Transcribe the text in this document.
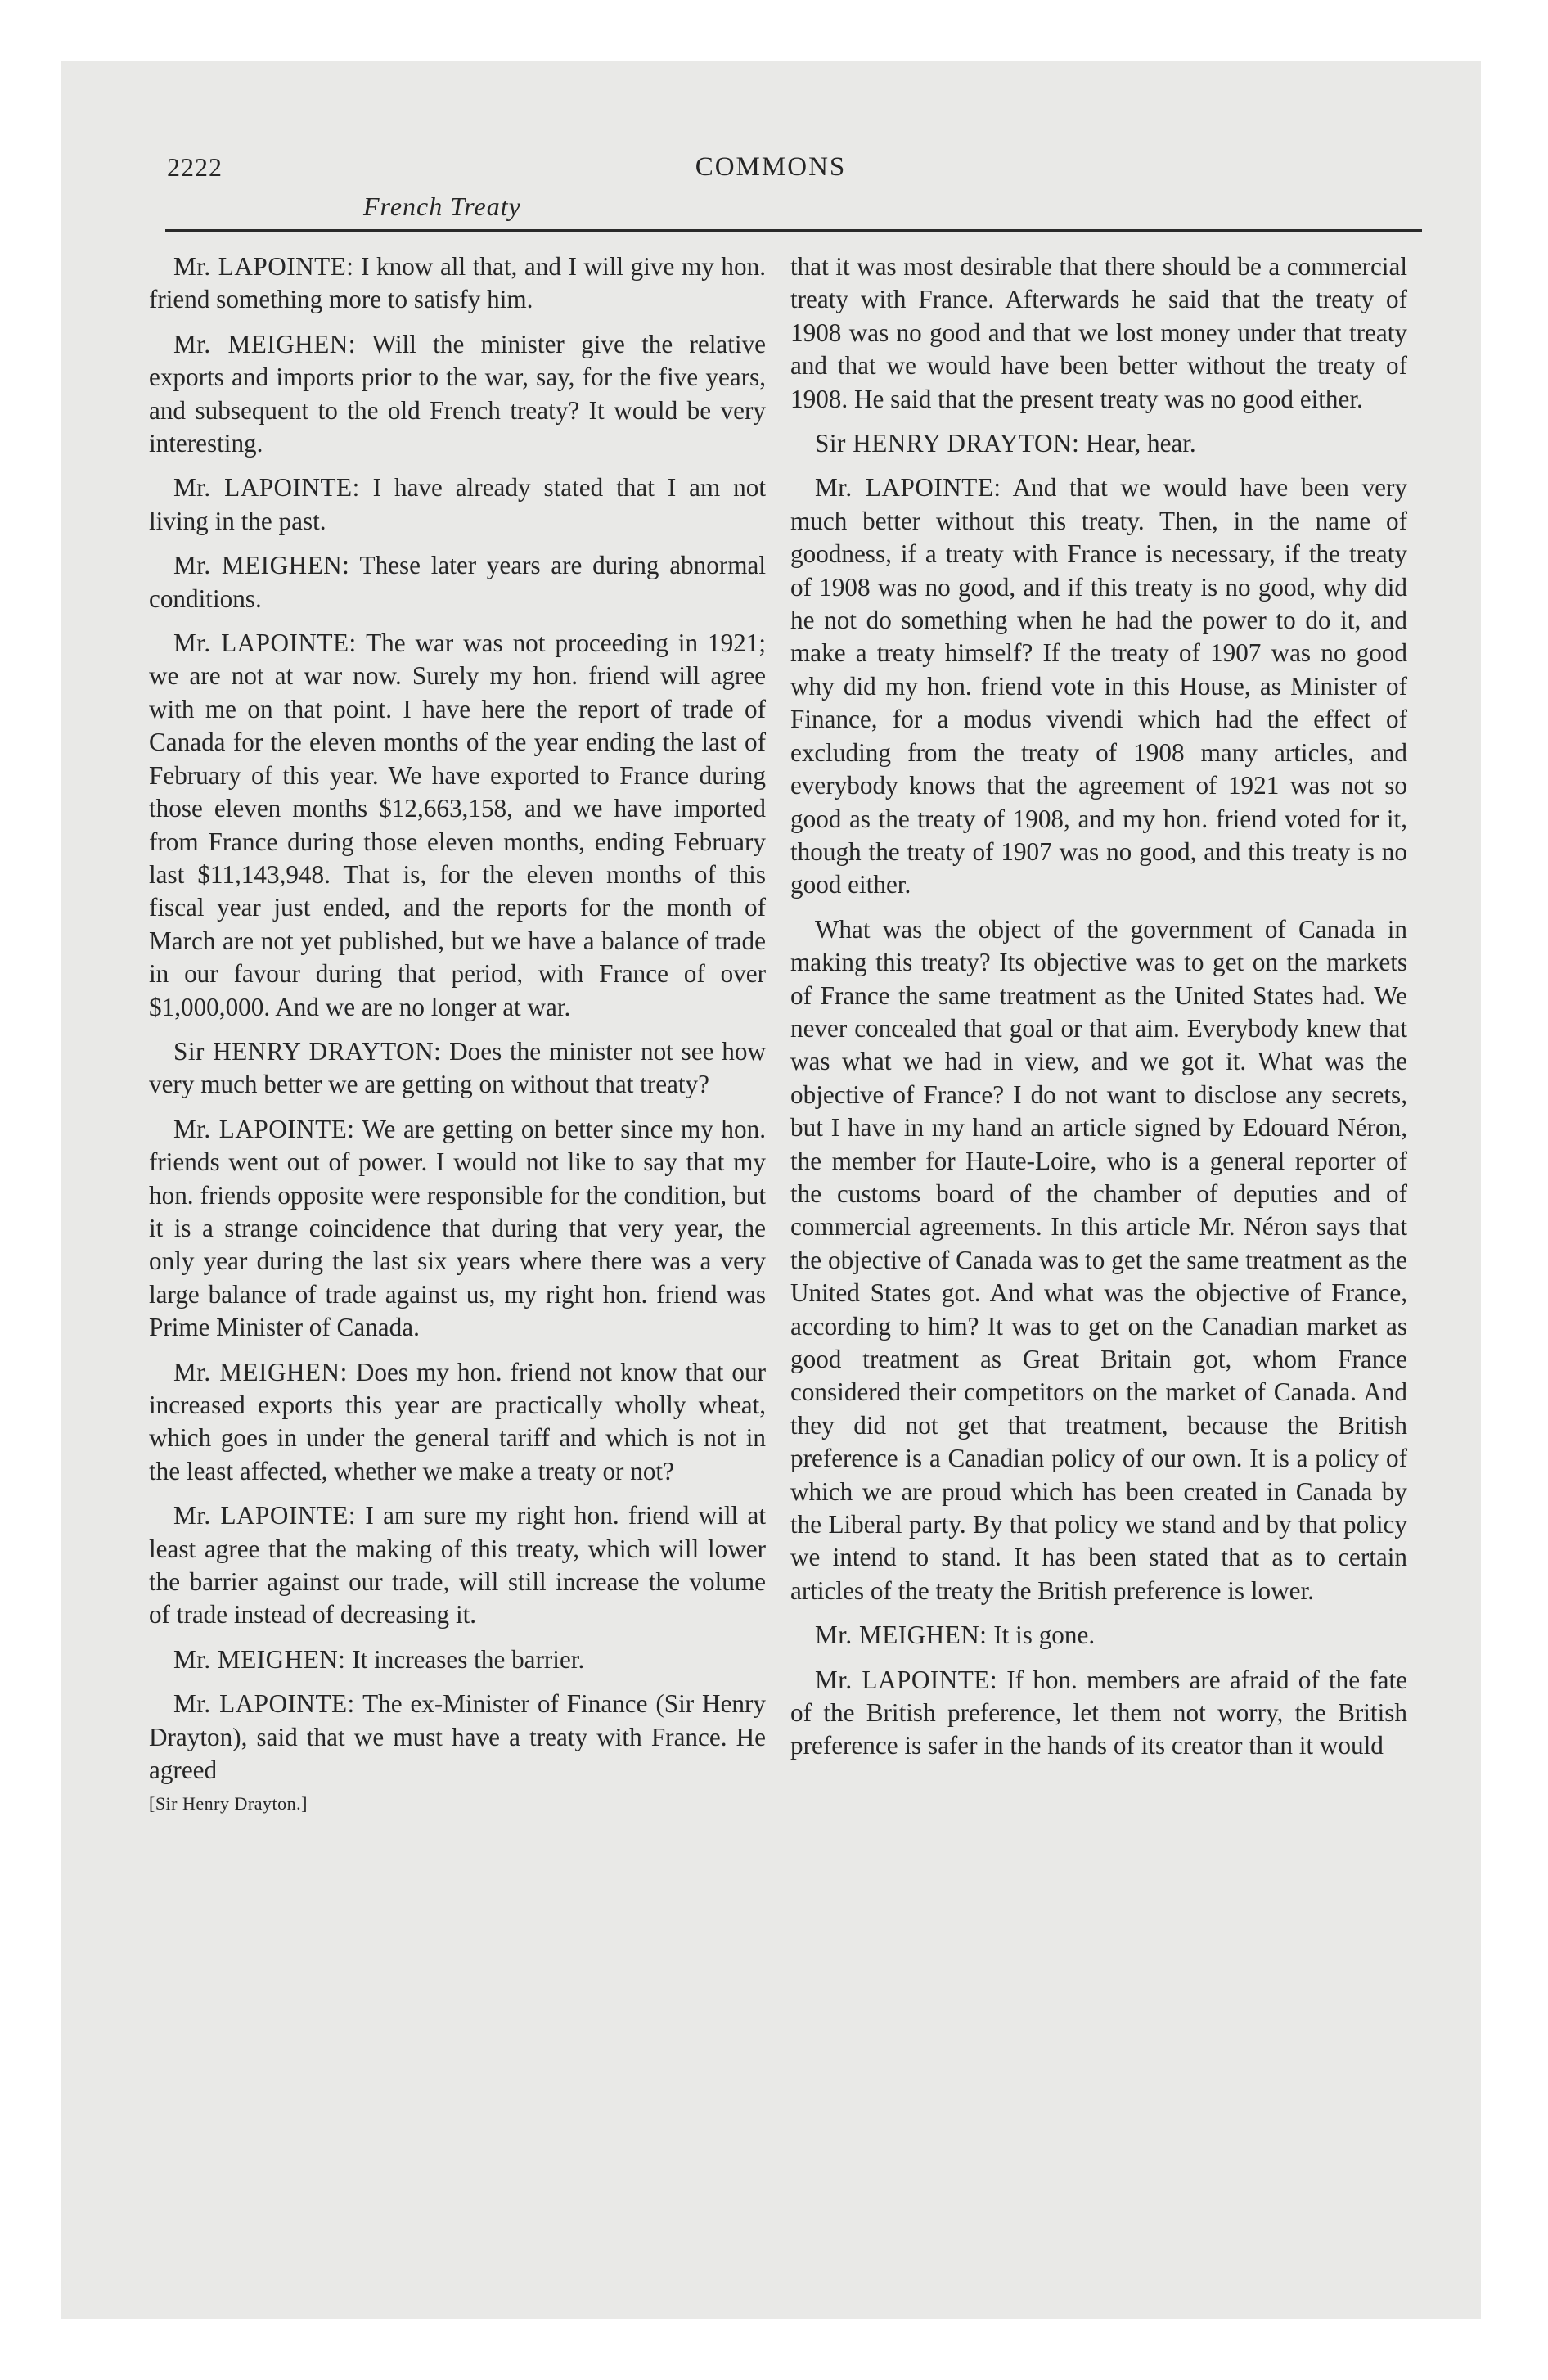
2222	COMMONS
French Treaty

Mr. LAPOINTE: I know all that, and I will give my hon. friend something more to satisfy him.

Mr. MEIGHEN: Will the minister give the relative exports and imports prior to the war, say, for the five years, and subsequent to the old French treaty? It would be very interesting.

Mr. LAPOINTE: I have already stated that I am not living in the past.

Mr. MEIGHEN: These later years are during abnormal conditions.

Mr. LAPOINTE: The war was not proceeding in 1921; we are not at war now. Surely my hon. friend will agree with me on that point. I have here the report of trade of Canada for the eleven months of the year ending the last of February of this year. We have exported to France during those eleven months $12,663,158, and we have imported from France during those eleven months, ending February last $11,143,948. That is, for the eleven months of this fiscal year just ended, and the reports for the month of March are not yet published, but we have a balance of trade in our favour during that period, with France of over $1,000,000. And we are no longer at war.

Sir HENRY DRAYTON: Does the minister not see how very much better we are getting on without that treaty?

Mr. LAPOINTE: We are getting on better since my hon. friends went out of power. I would not like to say that my hon. friends opposite were responsible for the condition, but it is a strange coincidence that during that very year, the only year during the last six years where there was a very large balance of trade against us, my right hon. friend was Prime Minister of Canada.

Mr. MEIGHEN: Does my hon. friend not know that our increased exports this year are practically wholly wheat, which goes in under the general tariff and which is not in the least affected, whether we make a treaty or not?

Mr. LAPOINTE: I am sure my right hon. friend will at least agree that the making of this treaty, which will lower the barrier against our trade, will still increase the volume of trade instead of decreasing it.

Mr. MEIGHEN: It increases the barrier.

Mr. LAPOINTE: The ex-Minister of Finance (Sir Henry Drayton), said that we must have a treaty with France. He agreed

[Sir Henry Drayton.]

that it was most desirable that there should be a commercial treaty with France. Afterwards he said that the treaty of 1908 was no good and that we lost money under that treaty and that we would have been better without the treaty of 1908. He said that the present treaty was no good either.

Sir HENRY DRAYTON: Hear, hear.

Mr. LAPOINTE: And that we would have been very much better without this treaty. Then, in the name of goodness, if a treaty with France is necessary, if the treaty of 1908 was no good, and if this treaty is no good, why did he not do something when he had the power to do it, and make a treaty himself? If the treaty of 1907 was no good why did my hon. friend vote in this House, as Minister of Finance, for a modus vivendi which had the effect of excluding from the treaty of 1908 many articles, and everybody knows that the agreement of 1921 was not so good as the treaty of 1908, and my hon. friend voted for it, though the treaty of 1907 was no good, and this treaty is no good either.

What was the object of the government of Canada in making this treaty? Its objective was to get on the markets of France the same treatment as the United States had. We never concealed that goal or that aim. Everybody knew that was what we had in view, and we got it. What was the objective of France? I do not want to disclose any secrets, but I have in my hand an article signed by Edouard Néron, the member for Haute-Loire, who is a general reporter of the customs board of the chamber of deputies and of commercial agreements. In this article Mr. Néron says that the objective of Canada was to get the same treatment as the United States got. And what was the objective of France, according to him? It was to get on the Canadian market as good treatment as Great Britain got, whom France considered their competitors on the market of Canada. And they did not get that treatment, because the British preference is a Canadian policy of our own. It is a policy of which we are proud which has been created in Canada by the Liberal party. By that policy we stand and by that policy we intend to stand. It has been stated that as to certain articles of the treaty the British preference is lower.

Mr. MEIGHEN: It is gone.

Mr. LAPOINTE: If hon. members are afraid of the fate of the British preference, let them not worry, the British preference is safer in the hands of its creator than it would
